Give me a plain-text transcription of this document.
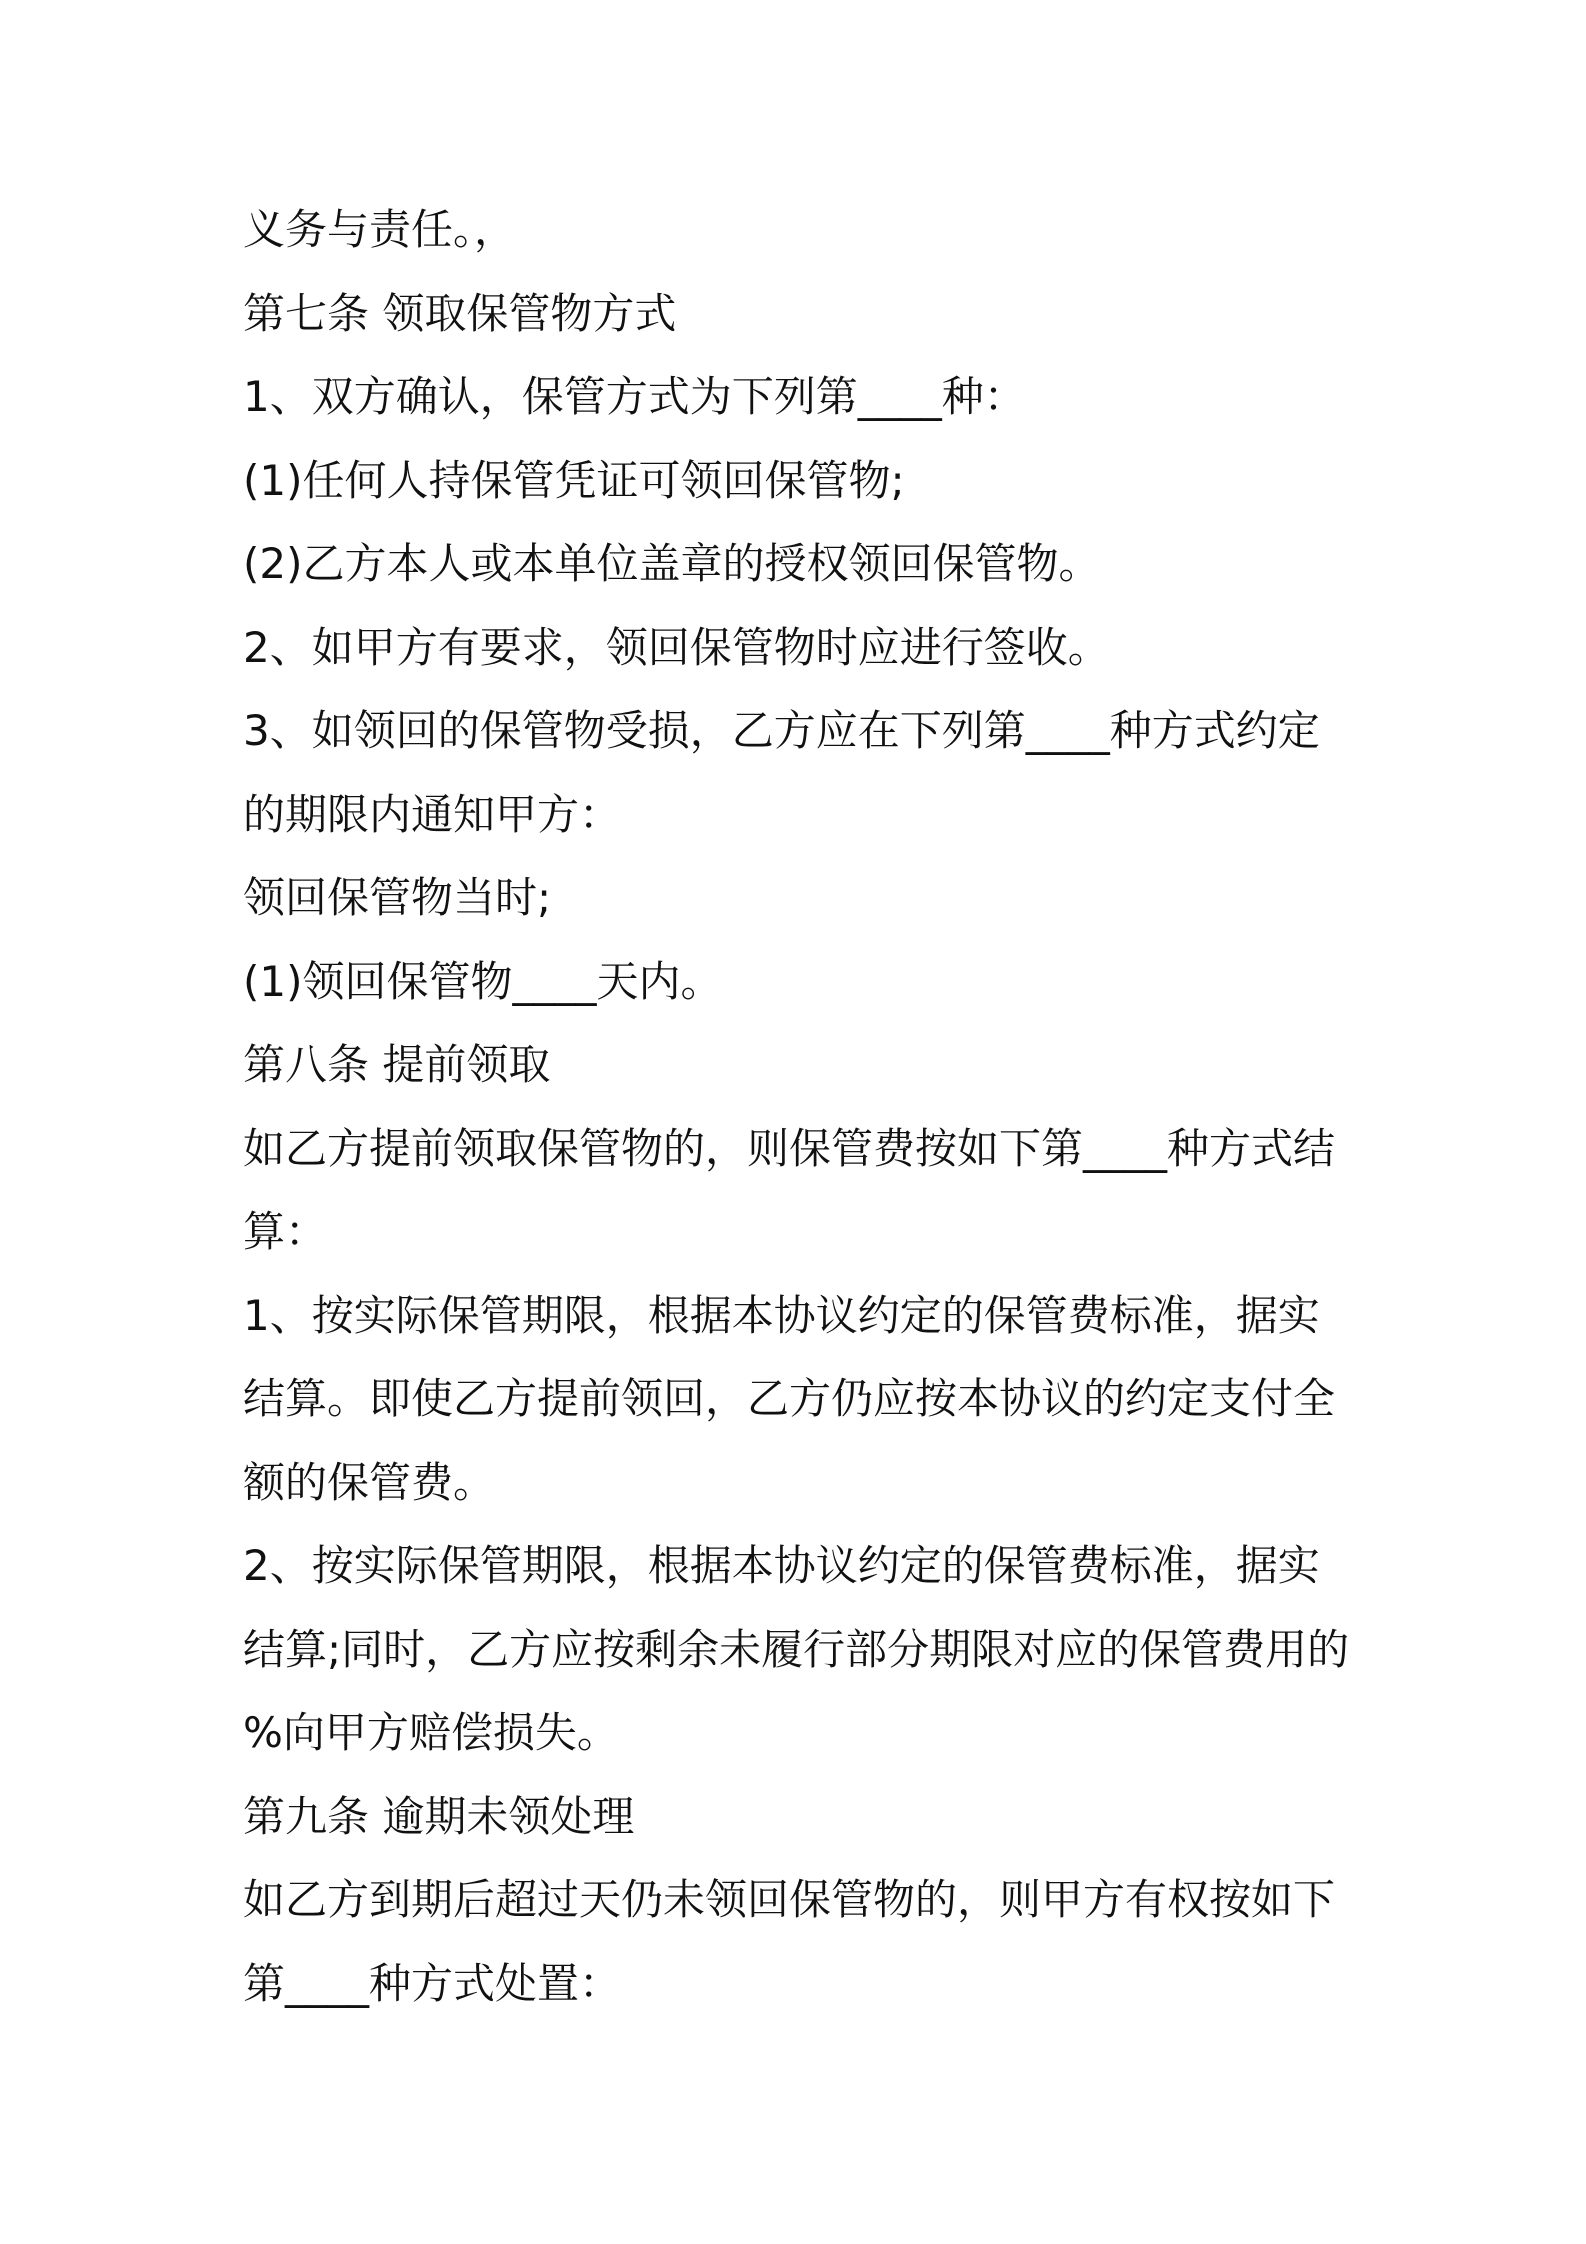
义务与责任。，
第七条 领取保管物方式
1、双方确认，保管方式为下列第____种：
(1)任何人持保管凭证可领回保管物;
(2)乙方本人或本单位盖章的授权领回保管物。
2、如甲方有要求，领回保管物时应进行签收。
3、如领回的保管物受损，乙方应在下列第____种方式约定
的期限内通知甲方：
领回保管物当时;
(1)领回保管物____天内。
第八条 提前领取
如乙方提前领取保管物的，则保管费按如下第____种方式结
算：
1、按实际保管期限，根据本协议约定的保管费标准，据实
结算。即使乙方提前领回，乙方仍应按本协议的约定支付全
额的保管费。
2、按实际保管期限，根据本协议约定的保管费标准，据实
结算;同时，乙方应按剩余未履行部分期限对应的保管费用的
%向甲方赔偿损失。
第九条 逾期未领处理
如乙方到期后超过天仍未领回保管物的，则甲方有权按如下
第____种方式处置：
